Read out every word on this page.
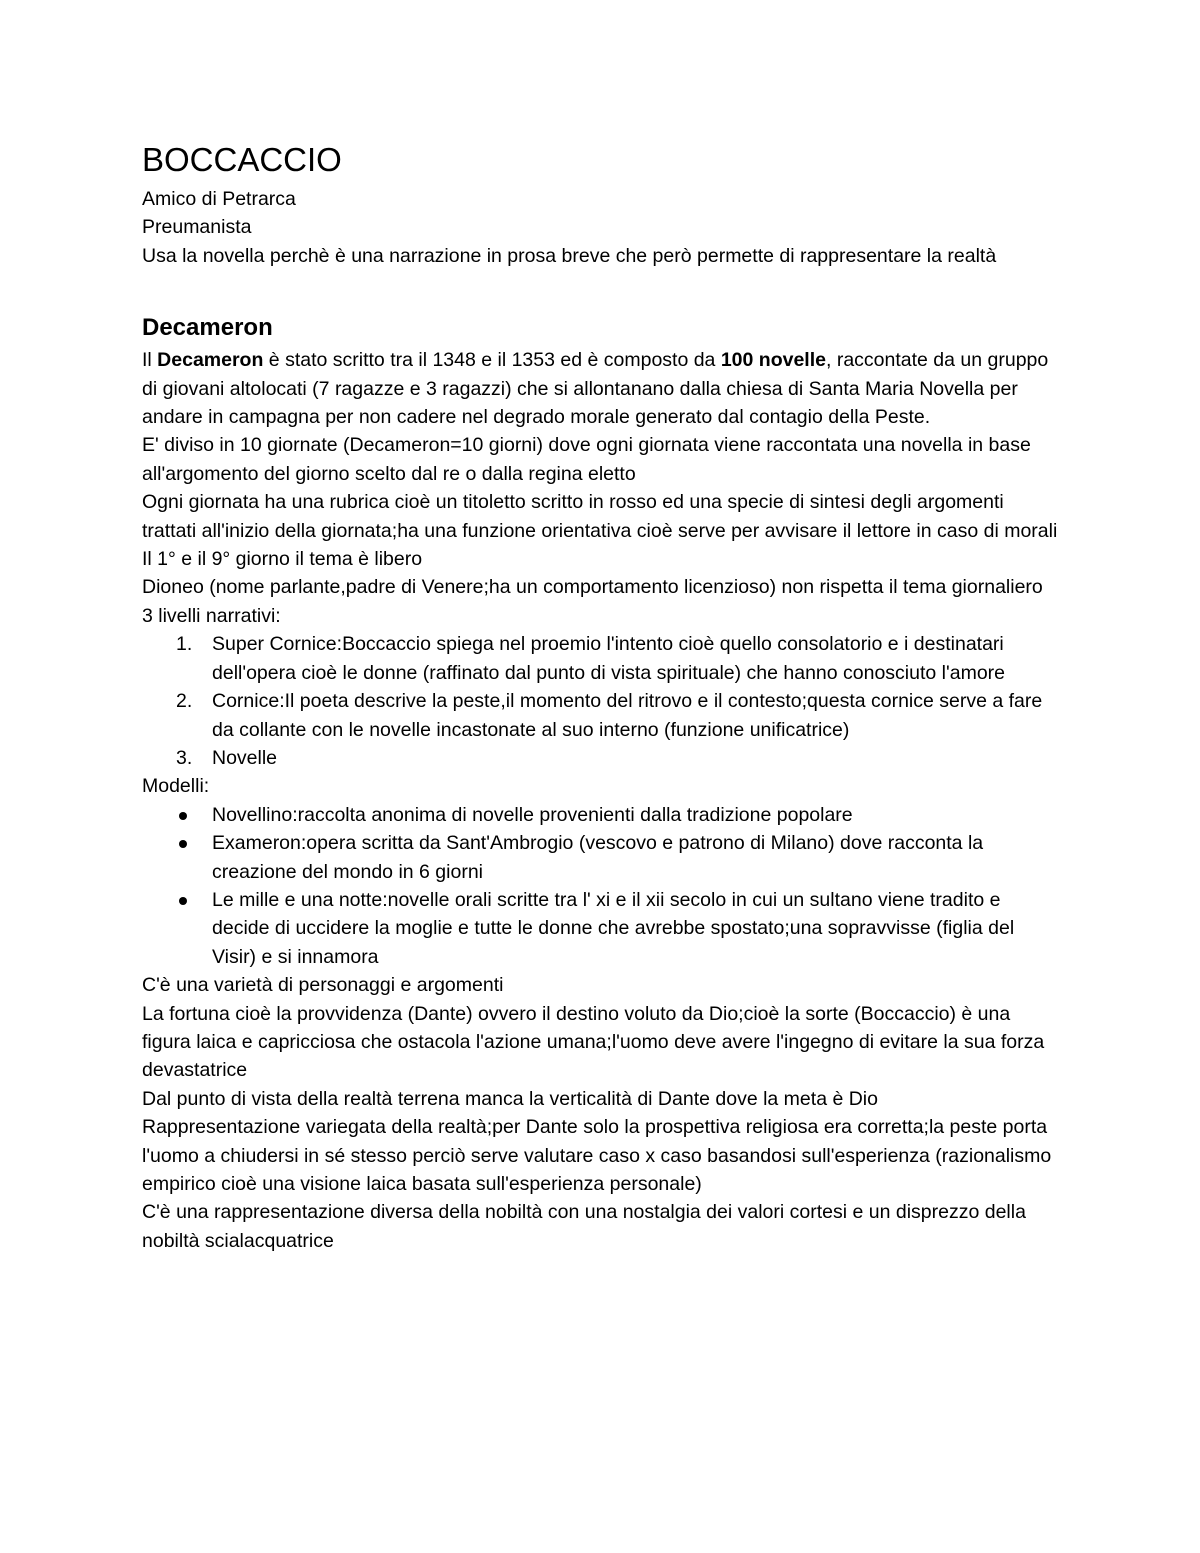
BOCCACCIO

Amico di Petrarca

Preumanista

Usa la novella perchè è una narrazione in prosa breve che però permette di rappresentare la realtà

Decameron

Il Decameron è stato scritto tra il 1348 e il 1353 ed è composto da 100 novelle, raccontate da un gruppo di giovani altolocati (7 ragazze e 3 ragazzi) che si allontanano dalla chiesa di Santa Maria Novella per andare in campagna per non cadere nel degrado morale generato dal contagio della Peste.

E' diviso in 10 giornate (Decameron=10 giorni) dove ogni giornata viene raccontata una novella in base all'argomento del giorno scelto dal re o dalla regina eletto

Ogni giornata ha una rubrica cioè un titoletto scritto in rosso ed una specie di sintesi degli argomenti trattati all'inizio della giornata;ha una funzione orientativa cioè serve per avvisare il lettore in caso di morali

Il 1° e il 9° giorno il tema è libero

Dioneo (nome parlante,padre di Venere;ha un comportamento licenzioso) non rispetta il tema giornaliero

3 livelli narrativi:

1. Super Cornice:Boccaccio spiega nel proemio l'intento cioè quello consolatorio e i destinatari dell'opera cioè le donne (raffinato dal punto di vista spirituale) che hanno conosciuto l'amore
2. Cornice:Il poeta descrive la peste,il momento del ritrovo e il contesto;questa cornice serve a fare da collante con le novelle incastonate al suo interno (funzione unificatrice)
3. Novelle

Modelli:

Novellino:raccolta anonima di novelle provenienti dalla tradizione popolare
Exameron:opera scritta da Sant'Ambrogio (vescovo e patrono di Milano) dove racconta la creazione del mondo in 6 giorni
Le mille e una notte:novelle orali scritte tra l' xi e il xii secolo in cui un sultano viene tradito e decide di uccidere la moglie e tutte le donne che avrebbe spostato;una sopravvisse (figlia del Visir) e si innamora

C'è una varietà di personaggi e argomenti

La fortuna cioè la provvidenza (Dante) ovvero il destino voluto da Dio;cioè la sorte (Boccaccio) è una figura laica e capricciosa che ostacola l'azione umana;l'uomo deve avere l'ingegno di evitare la sua forza devastatrice

Dal punto di vista della realtà terrena manca la verticalità di Dante dove la meta è Dio

Rappresentazione variegata della realtà;per Dante solo la prospettiva religiosa era corretta;la peste porta l'uomo a chiudersi in sé stesso perciò serve valutare caso x caso basandosi sull'esperienza (razionalismo empirico cioè una visione laica basata sull'esperienza personale)

C'è una rappresentazione diversa della nobiltà con una nostalgia dei valori cortesi e un disprezzo della nobiltà scialacquatrice
